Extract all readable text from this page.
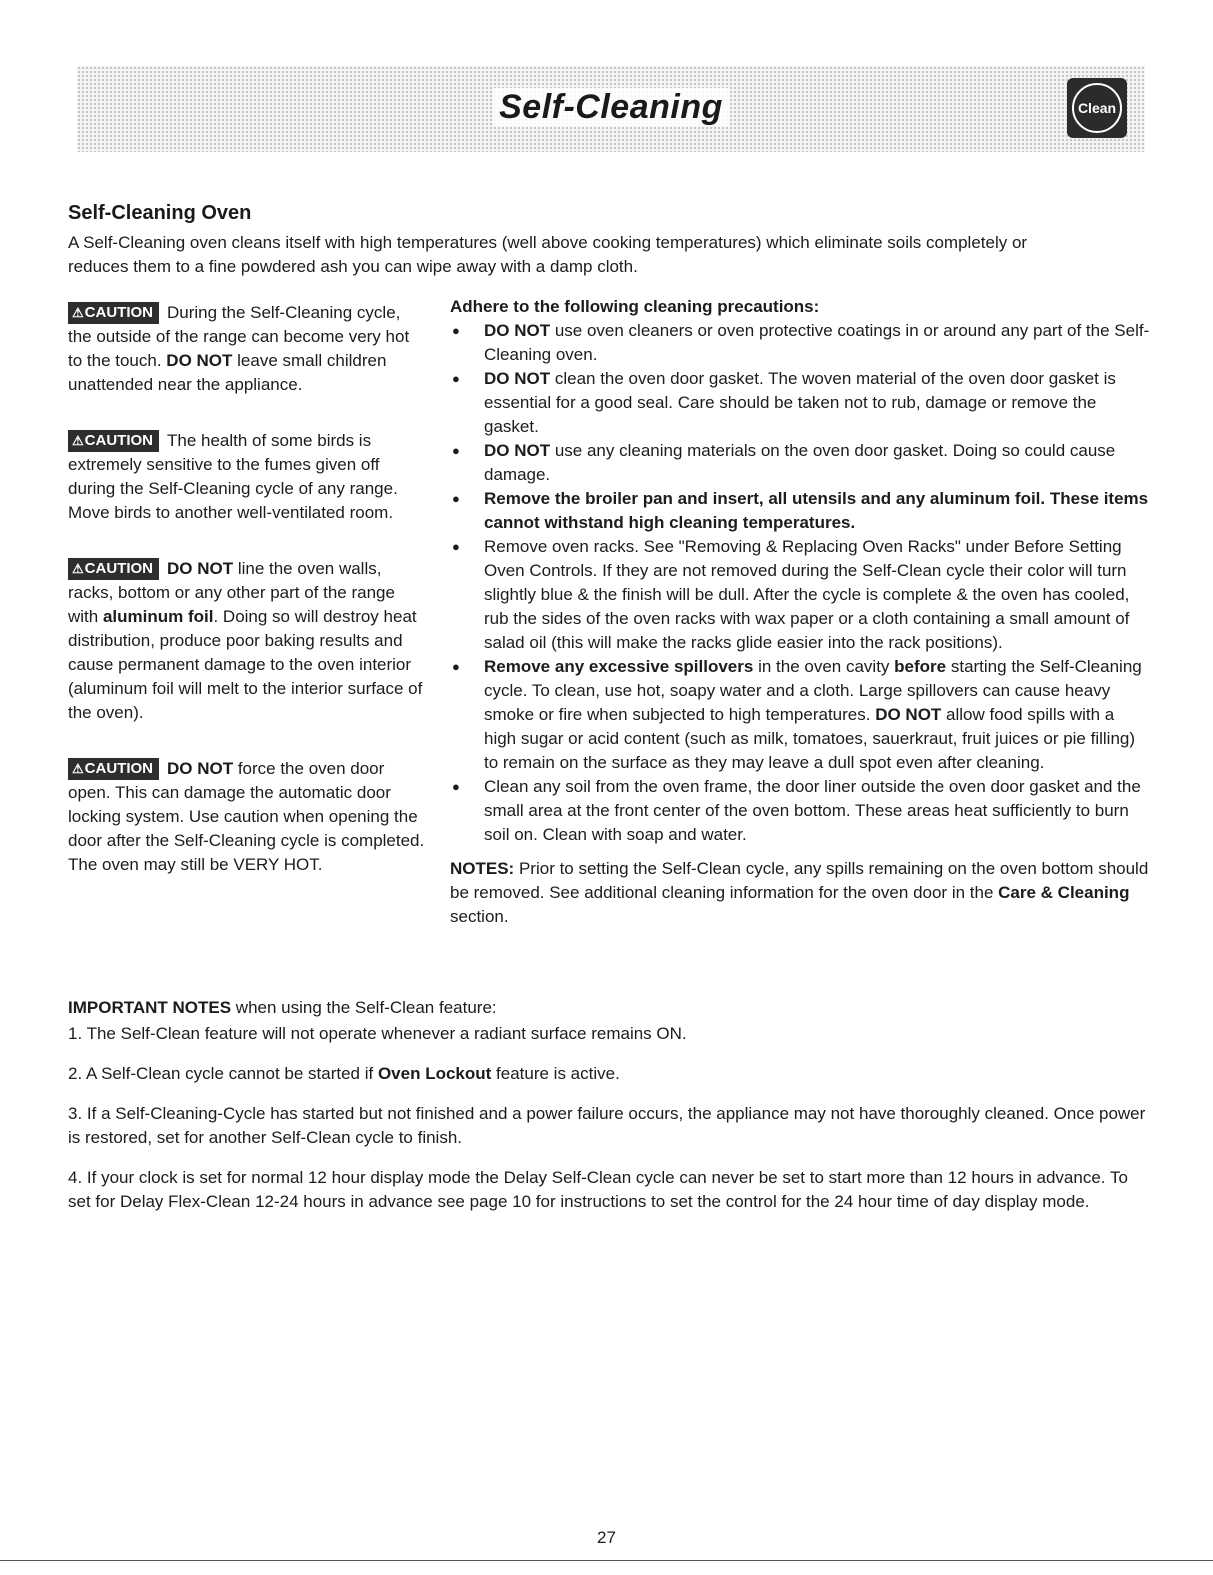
Self-Cleaning	Clean
Self-Cleaning Oven

A Self-Cleaning oven cleans itself with high temperatures (well above cooking temperatures) which eliminate soils completely or reduces them to a fine powdered ash you can wipe away with a damp cloth.

⚠CAUTION During the Self-Cleaning cycle, the outside of the range can become very hot to the touch. DO NOT leave small children unattended near the appliance.

⚠CAUTION The health of some birds is extremely sensitive to the fumes given off during the Self-Cleaning cycle of any range. Move birds to another well-ventilated room.

⚠CAUTION DO NOT line the oven walls, racks, bottom or any other part of the range with aluminum foil. Doing so will destroy heat distribution, produce poor baking results and cause permanent damage to the oven interior (aluminum foil will melt to the interior surface of the oven).

⚠CAUTION DO NOT force the oven door open. This can damage the automatic door locking system. Use caution when opening the door after the Self-Cleaning cycle is completed. The oven may still be VERY HOT.

Adhere to the following cleaning precautions:

● DO NOT use oven cleaners or oven protective coatings in or around any part of the Self-Cleaning oven.
● DO NOT clean the oven door gasket. The woven material of the oven door gasket is essential for a good seal. Care should be taken not to rub, damage or remove the gasket.
● DO NOT use any cleaning materials on the oven door gasket. Doing so could cause damage.
● Remove the broiler pan and insert, all utensils and any aluminum foil. These items cannot withstand high cleaning temperatures.
● Remove oven racks. See "Removing & Replacing Oven Racks" under Before Setting Oven Controls. If they are not removed during the Self-Clean cycle their color will turn slightly blue & the finish will be dull. After the cycle is complete & the oven has cooled, rub the sides of the oven racks with wax paper or a cloth containing a small amount of salad oil (this will make the racks glide easier into the rack positions).
● Remove any excessive spillovers in the oven cavity before starting the Self-Cleaning cycle. To clean, use hot, soapy water and a cloth. Large spillovers can cause heavy smoke or fire when subjected to high temperatures. DO NOT allow food spills with a high sugar or acid content (such as milk, tomatoes, sauerkraut, fruit juices or pie filling) to remain on the surface as they may leave a dull spot even after cleaning.
● Clean any soil from the oven frame, the door liner outside the oven door gasket and the small area at the front center of the oven bottom. These areas heat sufficiently to burn soil on. Clean with soap and water.

NOTES: Prior to setting the Self-Clean cycle, any spills remaining on the oven bottom should be removed. See additional cleaning information for the oven door in the Care & Cleaning section.

IMPORTANT NOTES when using the Self-Clean feature:

1. The Self-Clean feature will not operate whenever a radiant surface remains ON.

2. A Self-Clean cycle cannot be started if Oven Lockout feature is active.

3. If a Self-Cleaning-Cycle has started but not finished and a power failure occurs, the appliance may not have thoroughly cleaned. Once power is restored, set for another Self-Clean cycle to finish.

4. If your clock is set for normal 12 hour display mode the Delay Self-Clean cycle can never be set to start more than 12 hours in advance. To set for Delay Flex-Clean 12-24 hours in advance see page 10 for instructions to set the control for the 24 hour time of day display mode.

27
